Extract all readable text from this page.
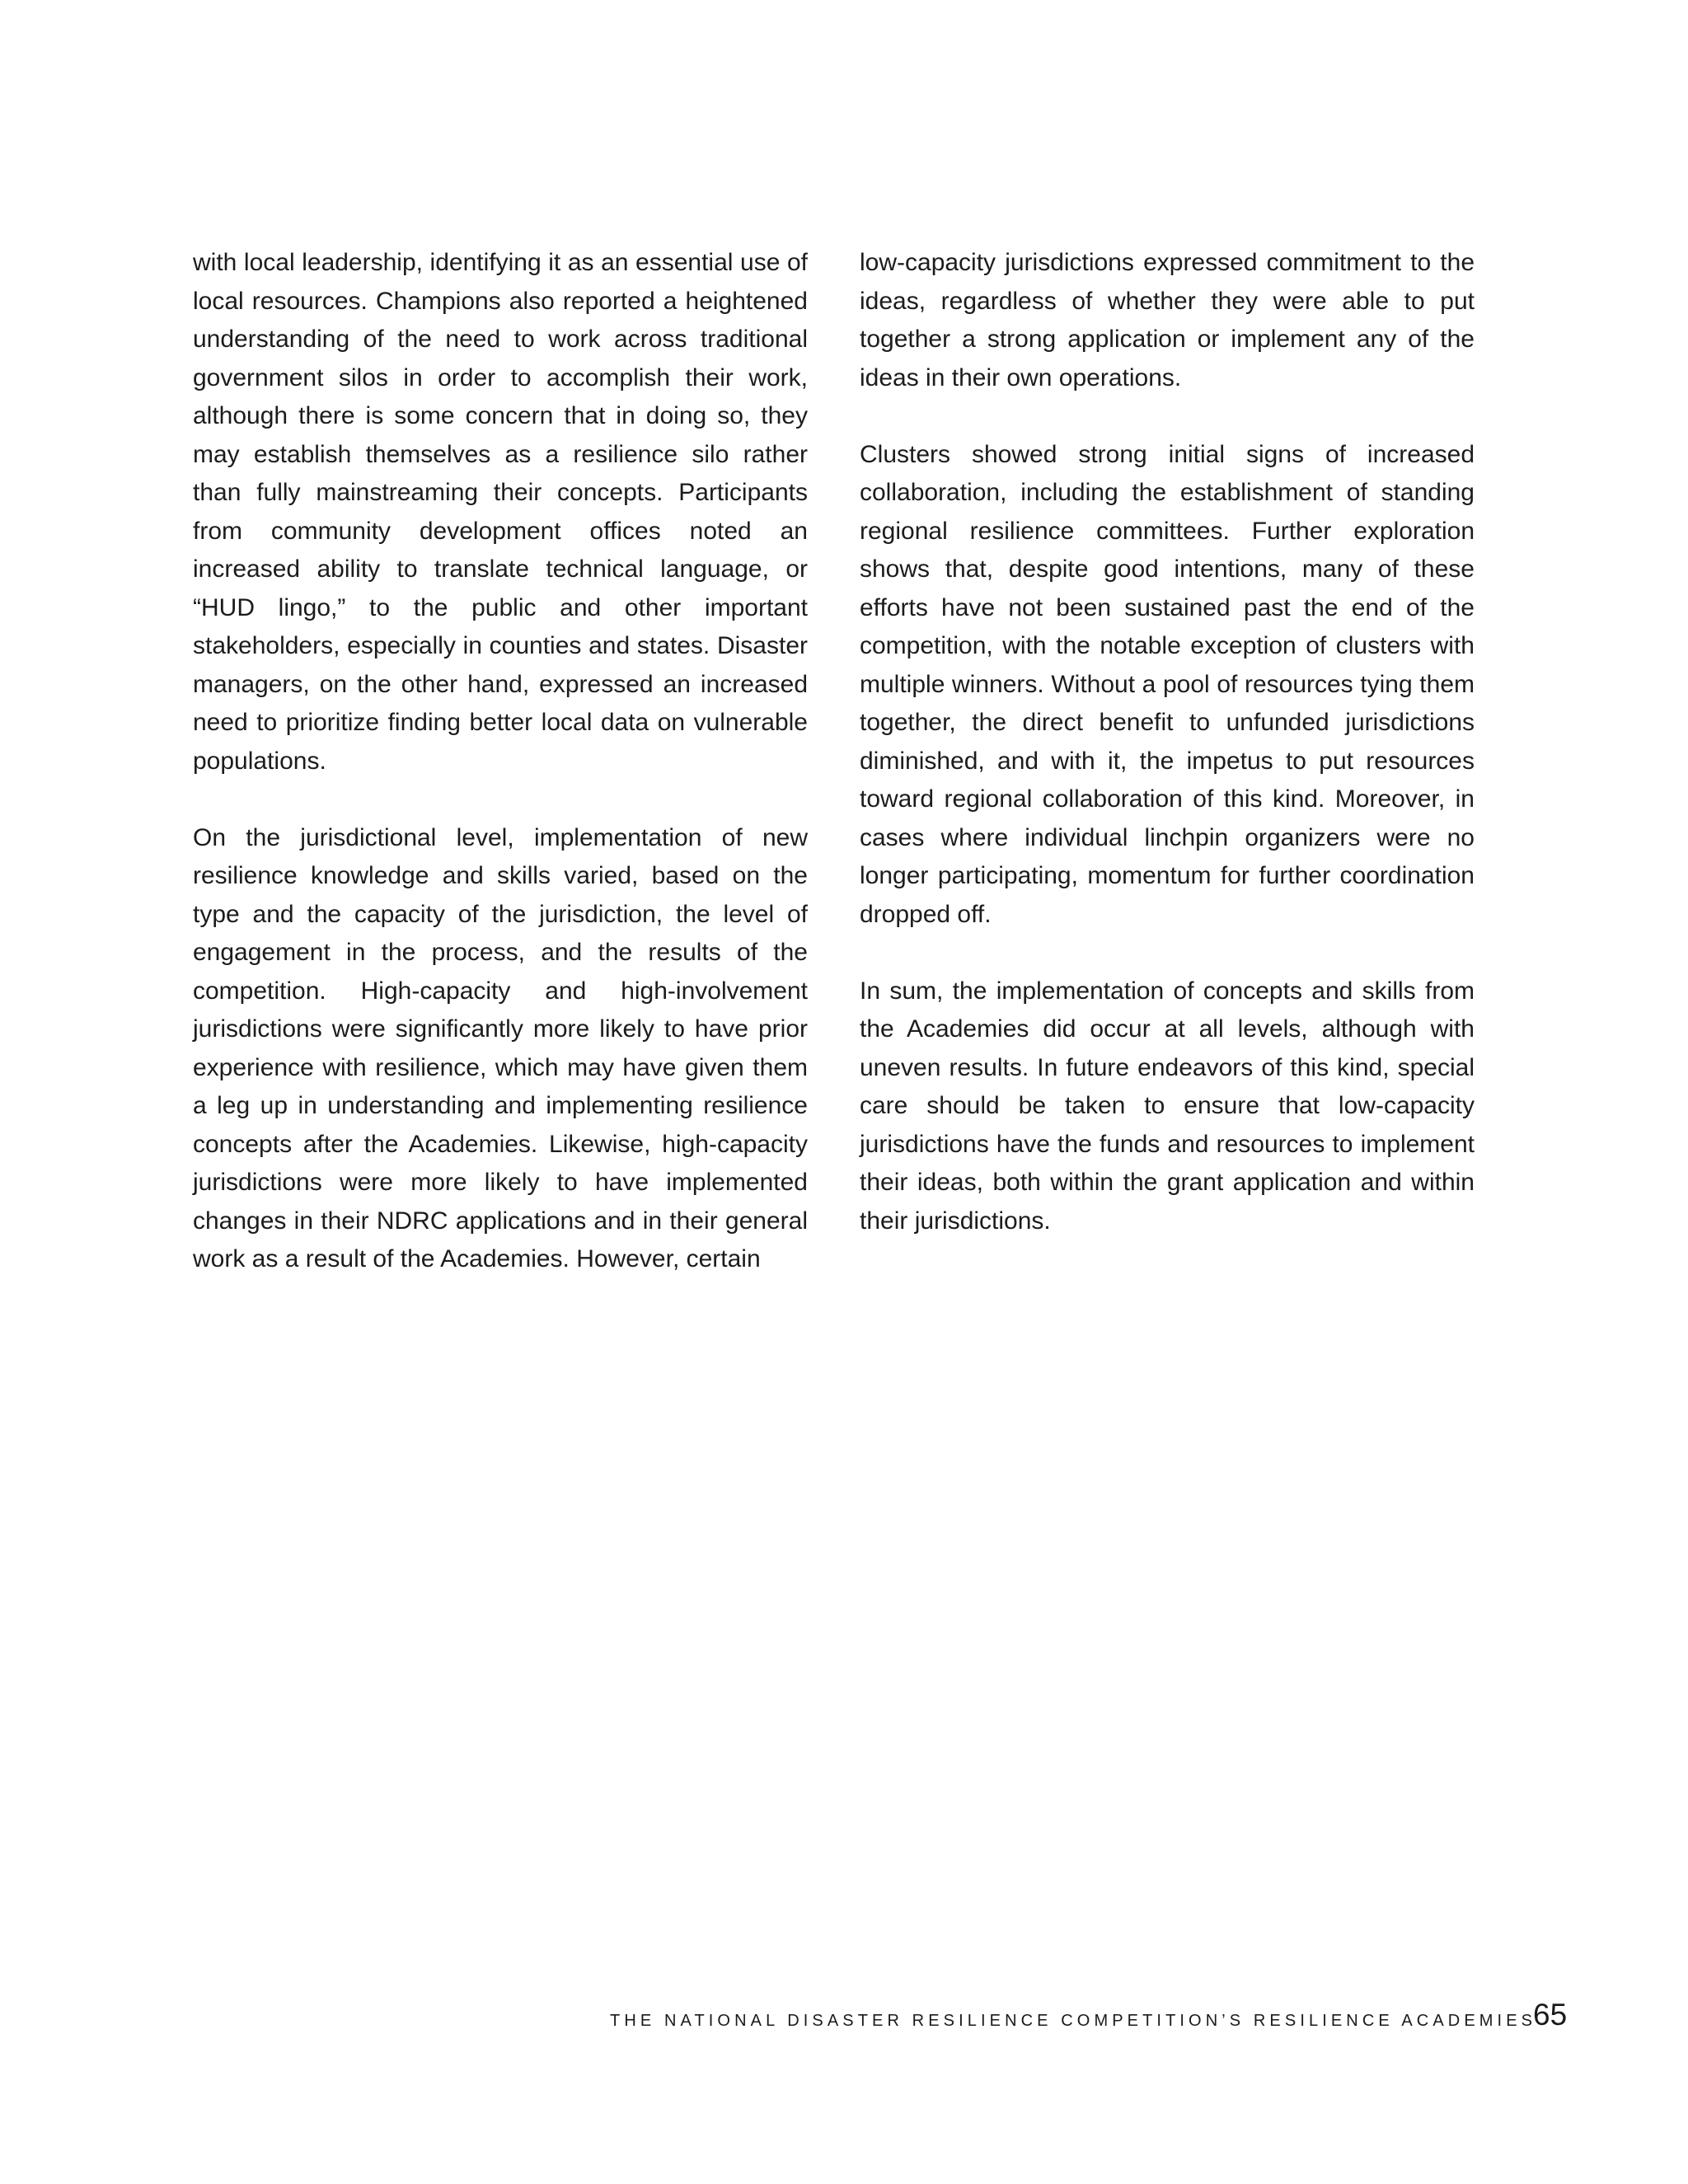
with local leadership, identifying it as an essential use of local resources. Champions also reported a heightened understanding of the need to work across traditional government silos in order to accomplish their work, although there is some concern that in doing so, they may establish themselves as a resilience silo rather than fully mainstreaming their concepts. Participants from community development offices noted an increased ability to translate technical language, or “HUD lingo,” to the public and other important stakeholders, especially in counties and states. Disaster managers, on the other hand, expressed an increased need to prioritize finding better local data on vulnerable populations.

On the jurisdictional level, implementation of new resilience knowledge and skills varied, based on the type and the capacity of the jurisdiction, the level of engagement in the process, and the results of the competition. High-capacity and high-involvement jurisdictions were significantly more likely to have prior experience with resilience, which may have given them a leg up in understanding and implementing resilience concepts after the Academies. Likewise, high-capacity jurisdictions were more likely to have implemented changes in their NDRC applications and in their general work as a result of the Academies. However, certain

low-capacity jurisdictions expressed commitment to the ideas, regardless of whether they were able to put together a strong application or implement any of the ideas in their own operations.

Clusters showed strong initial signs of increased collaboration, including the establishment of standing regional resilience committees. Further exploration shows that, despite good intentions, many of these efforts have not been sustained past the end of the competition, with the notable exception of clusters with multiple winners. Without a pool of resources tying them together, the direct benefit to unfunded jurisdictions diminished, and with it, the impetus to put resources toward regional collaboration of this kind. Moreover, in cases where individual linchpin organizers were no longer participating, momentum for further coordination dropped off.

In sum, the implementation of concepts and skills from the Academies did occur at all levels, although with uneven results. In future endeavors of this kind, special care should be taken to ensure that low-capacity jurisdictions have the funds and resources to implement their ideas, both within the grant application and within their jurisdictions.

THE NATIONAL DISASTER RESILIENCE COMPETITION’S RESILIENCE ACADEMIES
65
